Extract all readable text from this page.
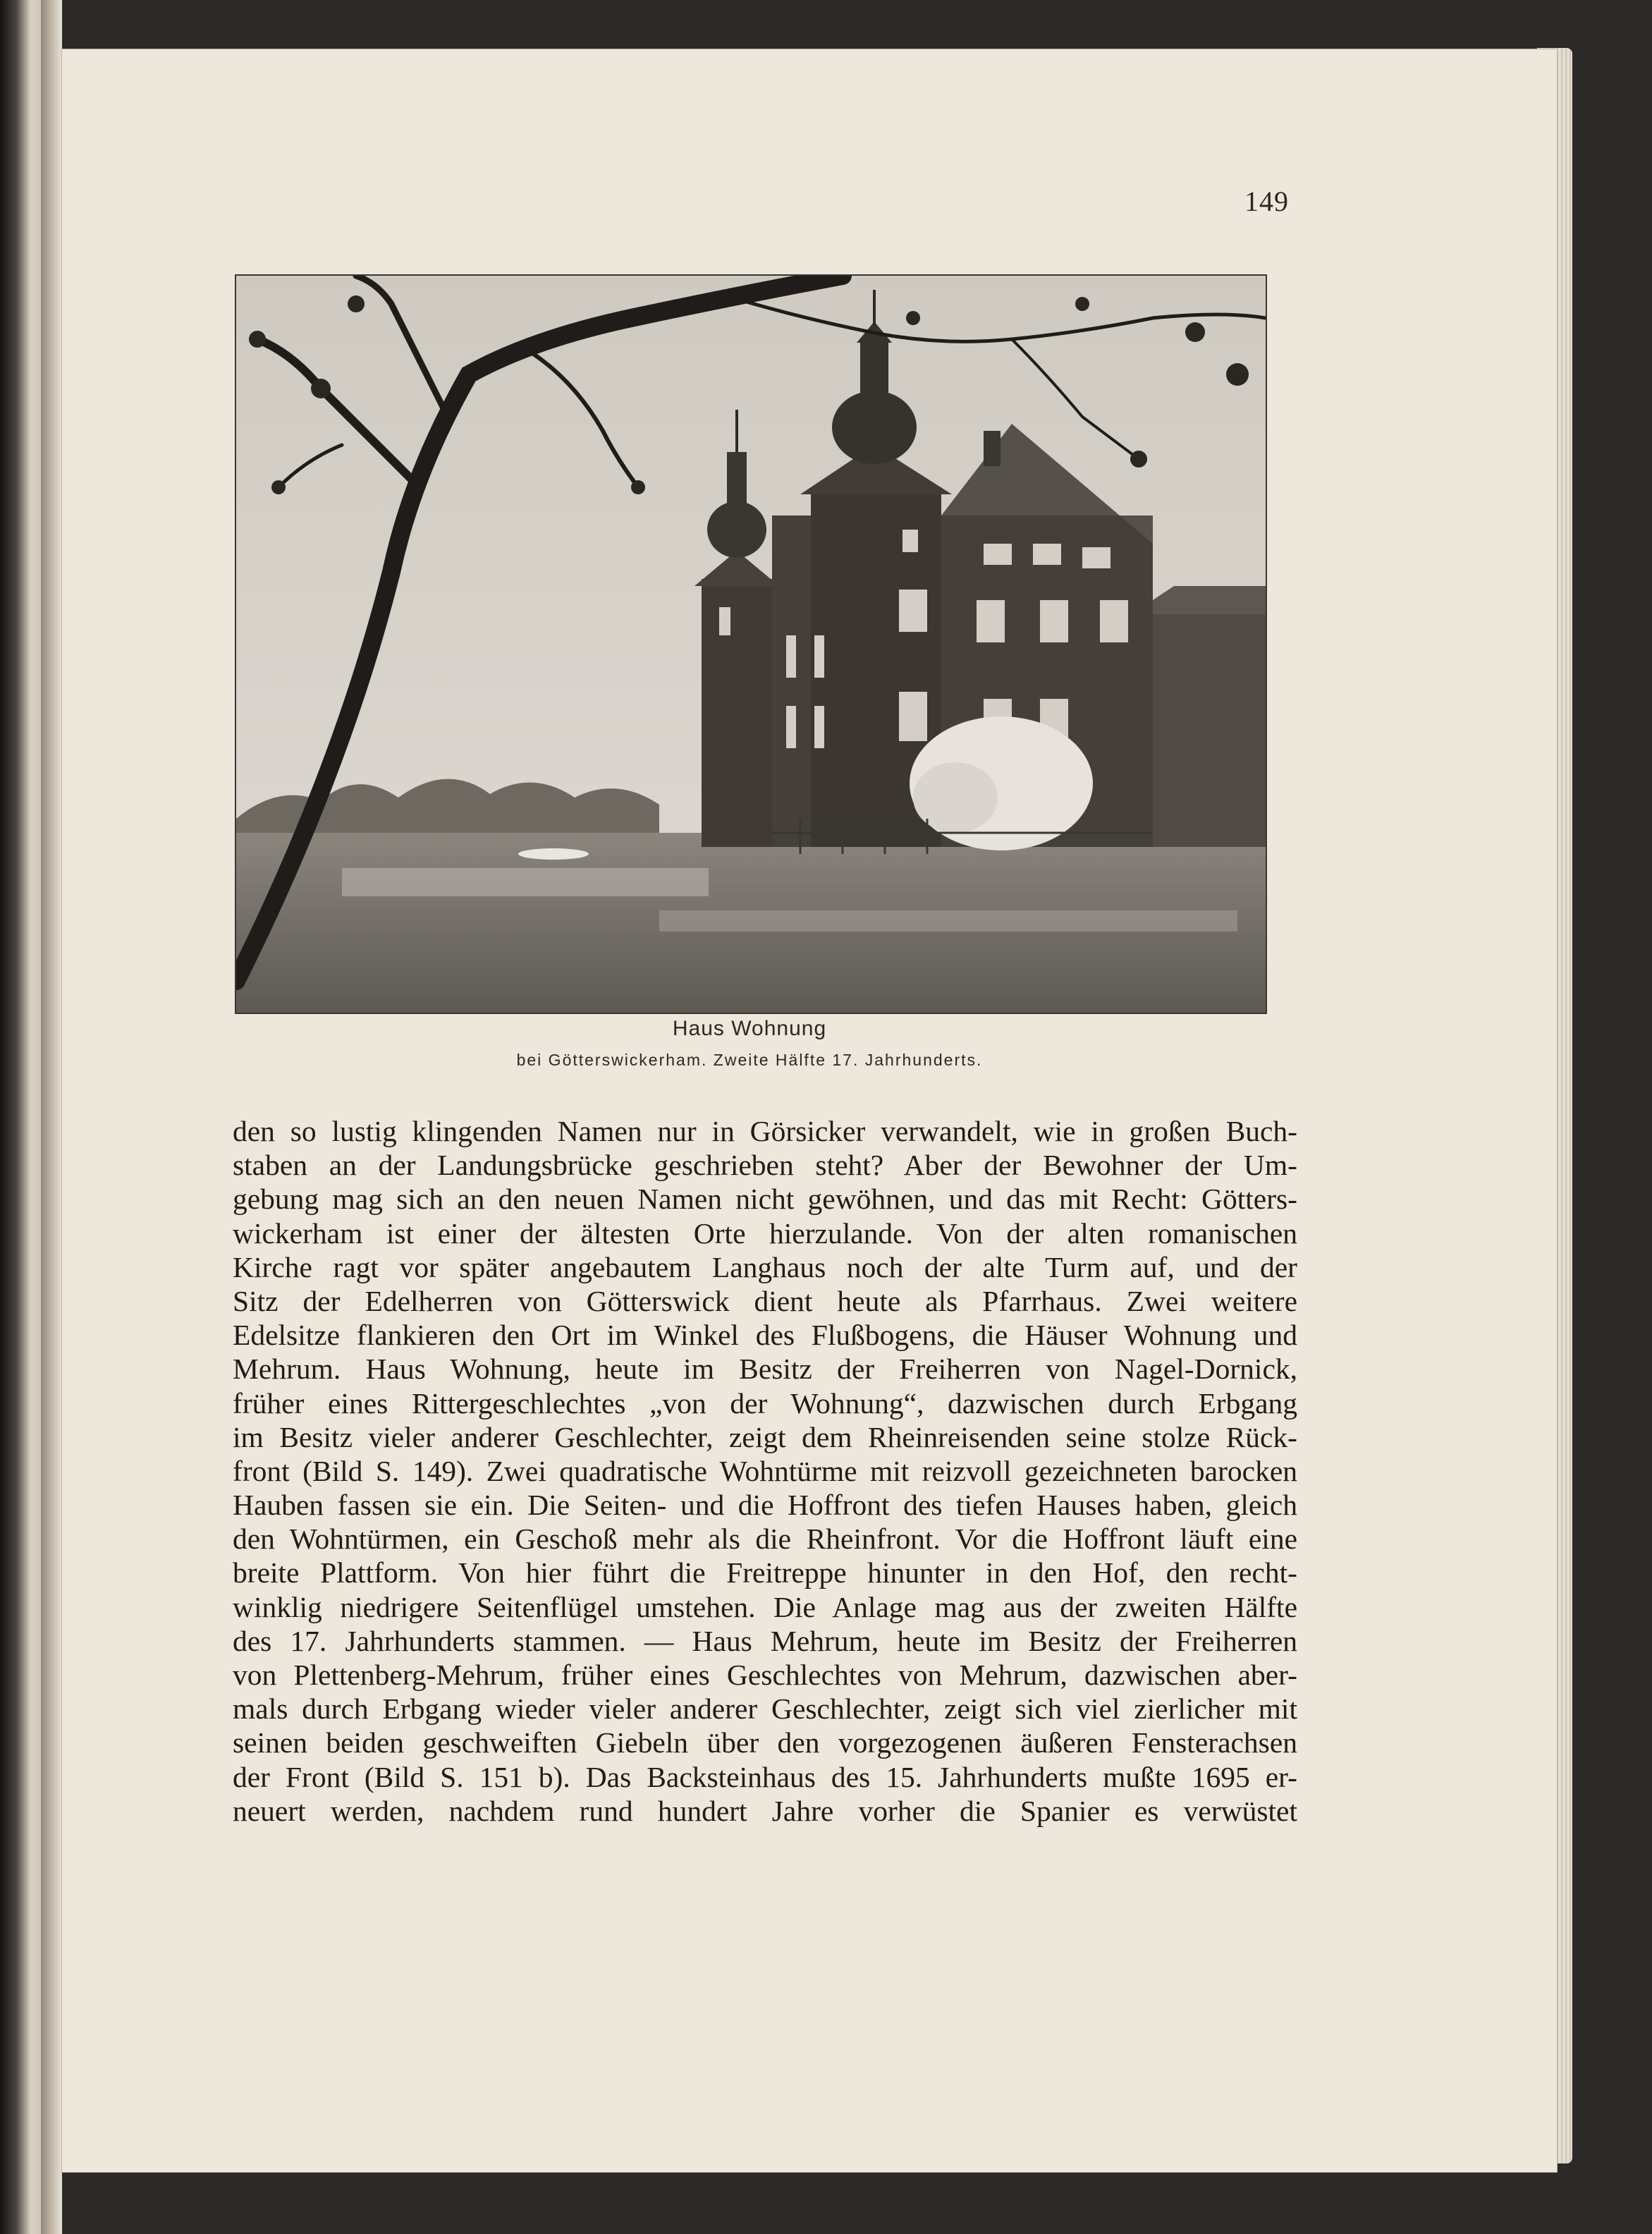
149
Haus Wohnung
bei Götterswickerham. Zweite Hälfte 17. Jahrhunderts.
den so lustig klingenden Namen nur in Görsicker verwandelt, wie in großen Buch-
staben an der Landungsbrücke geschrieben steht? Aber der Bewohner der Um-
gebung mag sich an den neuen Namen nicht gewöhnen, und das mit Recht: Götters-
wickerham ist einer der ältesten Orte hierzulande. Von der alten romanischen
Kirche ragt vor später angebautem Langhaus noch der alte Turm auf, und der
Sitz der Edelherren von Götterswick dient heute als Pfarrhaus. Zwei weitere
Edelsitze flankieren den Ort im Winkel des Flußbogens, die Häuser Wohnung und
Mehrum. Haus Wohnung, heute im Besitz der Freiherren von Nagel-Dornick,
früher eines Rittergeschlechtes „von der Wohnung“, dazwischen durch Erbgang
im Besitz vieler anderer Geschlechter, zeigt dem Rheinreisenden seine stolze Rück-
front (Bild S. 149). Zwei quadratische Wohntürme mit reizvoll gezeichneten barocken
Hauben fassen sie ein. Die Seiten- und die Hoffront des tiefen Hauses haben, gleich
den Wohntürmen, ein Geschoß mehr als die Rheinfront. Vor die Hoffront läuft eine
breite Plattform. Von hier führt die Freitreppe hinunter in den Hof, den recht-
winklig niedrigere Seitenflügel umstehen. Die Anlage mag aus der zweiten Hälfte
des 17. Jahrhunderts stammen. — Haus Mehrum, heute im Besitz der Freiherren
von Plettenberg-Mehrum, früher eines Geschlechtes von Mehrum, dazwischen aber-
mals durch Erbgang wieder vieler anderer Geschlechter, zeigt sich viel zierlicher mit
seinen beiden geschweiften Giebeln über den vorgezogenen äußeren Fensterachsen
der Front (Bild S. 151 b). Das Backsteinhaus des 15. Jahrhunderts mußte 1695 er-
neuert werden, nachdem rund hundert Jahre vorher die Spanier es verwüstet
